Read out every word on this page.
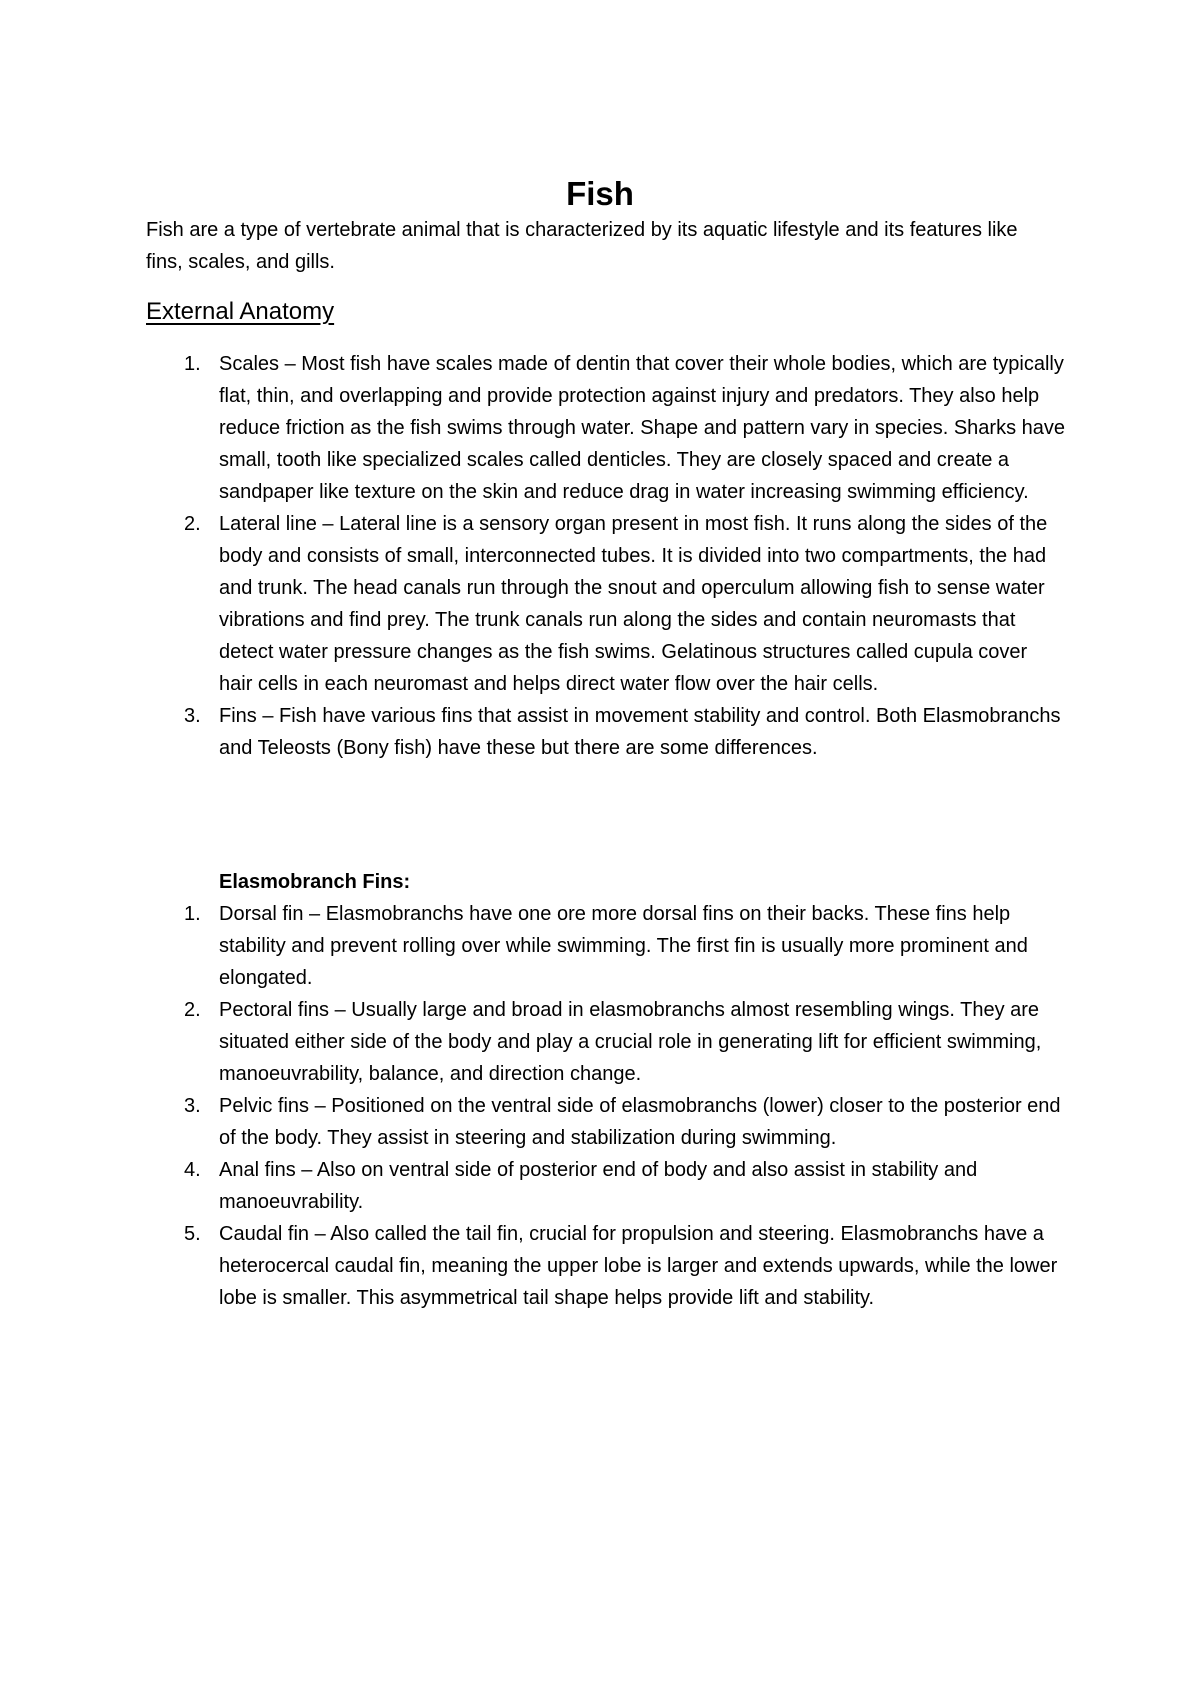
Fish

Fish are a type of vertebrate animal that is characterized by its aquatic lifestyle and its features like fins, scales, and gills.

External Anatomy
1. Scales – Most fish have scales made of dentin that cover their whole bodies, which are typically flat, thin, and overlapping and provide protection against injury and predators. They also help reduce friction as the fish swims through water. Shape and pattern vary in species. Sharks have small, tooth like specialized scales called denticles. They are closely spaced and create a sandpaper like texture on the skin and reduce drag in water increasing swimming efficiency.
2. Lateral line – Lateral line is a sensory organ present in most fish. It runs along the sides of the body and consists of small, interconnected tubes. It is divided into two compartments, the had and trunk. The head canals run through the snout and operculum allowing fish to sense water vibrations and find prey. The trunk canals run along the sides and contain neuromasts that detect water pressure changes as the fish swims. Gelatinous structures called cupula cover hair cells in each neuromast and helps direct water flow over the hair cells.
3. Fins – Fish have various fins that assist in movement stability and control. Both Elasmobranchs and Teleosts (Bony fish) have these but there are some differences.

Elasmobranch Fins:

1. Dorsal fin – Elasmobranchs have one ore more dorsal fins on their backs. These fins help stability and prevent rolling over while swimming. The first fin is usually more prominent and elongated.
2. Pectoral fins – Usually large and broad in elasmobranchs almost resembling wings. They are situated either side of the body and play a crucial role in generating lift for efficient swimming, manoeuvrability, balance, and direction change.
3. Pelvic fins – Positioned on the ventral side of elasmobranchs (lower) closer to the posterior end of the body. They assist in steering and stabilization during swimming.
4. Anal fins – Also on ventral side of posterior end of body and also assist in stability and manoeuvrability.
5. Caudal fin – Also called the tail fin, crucial for propulsion and steering. Elasmobranchs have a heterocercal caudal fin, meaning the upper lobe is larger and extends upwards, while the lower lobe is smaller. This asymmetrical tail shape helps provide lift and stability.
